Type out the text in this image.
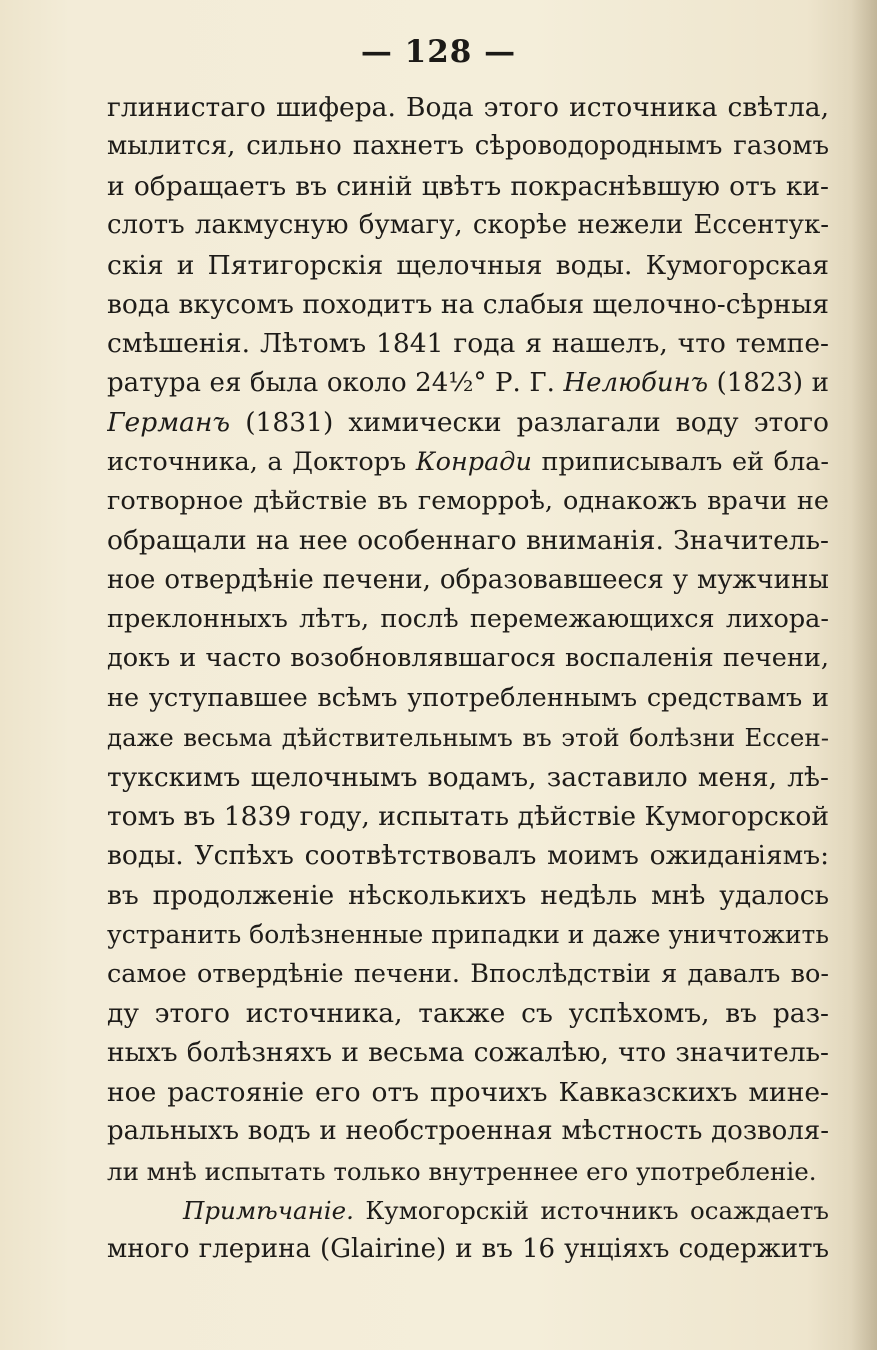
— 128 —
глинистаго шифера. Вода этого источника свѣтла,
мылится, сильно пахнетъ сѣроводороднымъ газомъ
и обращаетъ въ синій цвѣтъ покраснѣвшую отъ ки-
слотъ лакмусную бумагу, скорѣе нежели Ессентук-
скія и Пятигорскія щелочныя воды. Кумогорская
вода вкусомъ походитъ на слабыя щелочно-сѣрныя
смѣшенія. Лѣтомъ 1841 года я нашелъ, что темпе-
ратура ея была около 24½° Р. Г. Нелюбинъ (1823) и
Германъ (1831) химически разлагали воду этого
источника, а Докторъ Конради приписывалъ ей бла-
готворное дѣйствіе въ геморроѣ, однакожъ врачи не
обращали на нее особеннаго вниманія. Значитель-
ное отвердѣніе печени, образовавшееся у мужчины
преклонныхъ лѣтъ, послѣ перемежающихся лихора-
докъ и часто возобновлявшагося воспаленія печени,
не уступавшее всѣмъ употребленнымъ средствамъ и
даже весьма дѣйствительнымъ въ этой болѣзни Ессен-
тукскимъ щелочнымъ водамъ, заставило меня, лѣ-
томъ въ 1839 году, испытать дѣйствіе Кумогорской
воды. Успѣхъ соотвѣтствовалъ моимъ ожиданіямъ:
въ продолженіе нѣсколькихъ недѣль мнѣ удалось
устранить болѣзненные припадки и даже уничтожить
самое отвердѣніе печени. Впослѣдствіи я давалъ во-
ду этого источника, также съ успѣхомъ, въ раз-
ныхъ болѣзняхъ и весьма сожалѣю, что значитель-
ное растояніе его отъ прочихъ Кавказскихъ мине-
ральныхъ водъ и необстроенная мѣстность дозволя-
ли мнѣ испытать только внутреннее его употребленіе.
Примѣчаніе. Кумогорскій источникъ осаждаетъ
много глерина (Glairine) и въ 16 унціяхъ содержитъ
